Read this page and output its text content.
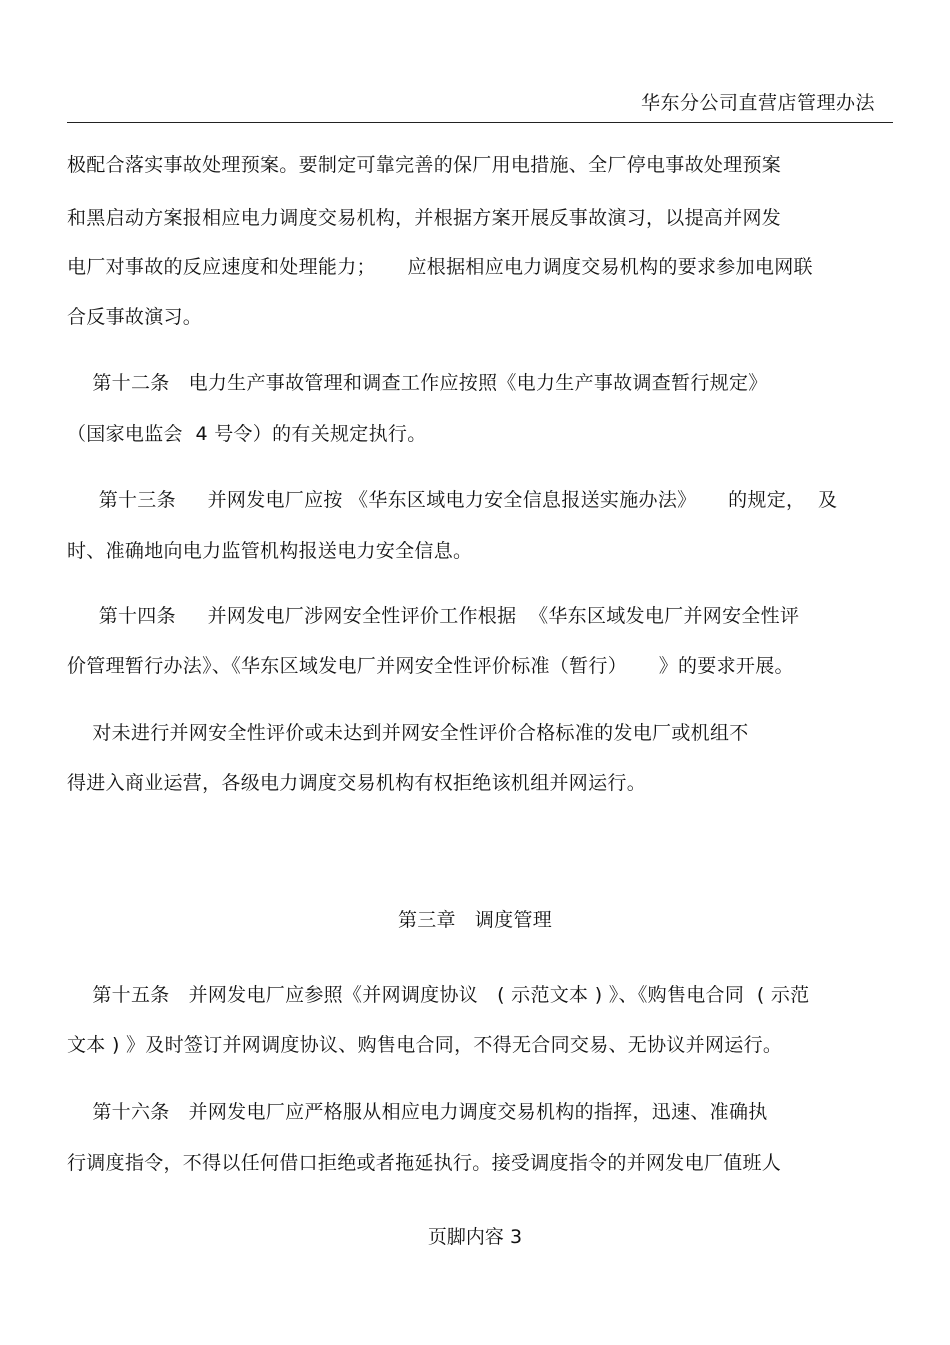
华东分公司直营店管理办法
极配合落实事故处理预案。要制定可靠完善的保厂用电措施、全厂停电事故处理预案
和黑启动方案报相应电力调度交易机构，并根据方案开展反事故演习，以提高并网发
电厂对事故的反应速度和处理能力；     应根据相应电力调度交易机构的要求参加电网联
合反事故演习。
第十二条   电力生产事故管理和调查工作应按照《电力生产事故调查暂行规定》
（国家电监会  4 号令）的有关规定执行。
第十三条     并网发电厂应按 《华东区域电力安全信息报送实施办法》     的规定，  及
时、准确地向电力监管机构报送电力安全信息。
第十四条     并网发电厂涉网安全性评价工作根据  《华东区域发电厂并网安全性评
价管理暂行办法》、《华东区域发电厂并网安全性评价标准（暂行）     》的要求开展。
对未进行并网安全性评价或未达到并网安全性评价合格标准的发电厂或机组不
得进入商业运营，各级电力调度交易机构有权拒绝该机组并网运行。
第三章   调度管理
第十五条   并网发电厂应参照《并网调度协议   ( 示范文本 ) 》、《购售电合同  ( 示范
文本 ) 》及时签订并网调度协议、购售电合同，不得无合同交易、无协议并网运行。
第十六条   并网发电厂应严格服从相应电力调度交易机构的指挥，迅速、准确执
行调度指令，不得以任何借口拒绝或者拖延执行。接受调度指令的并网发电厂值班人
页脚内容 3
